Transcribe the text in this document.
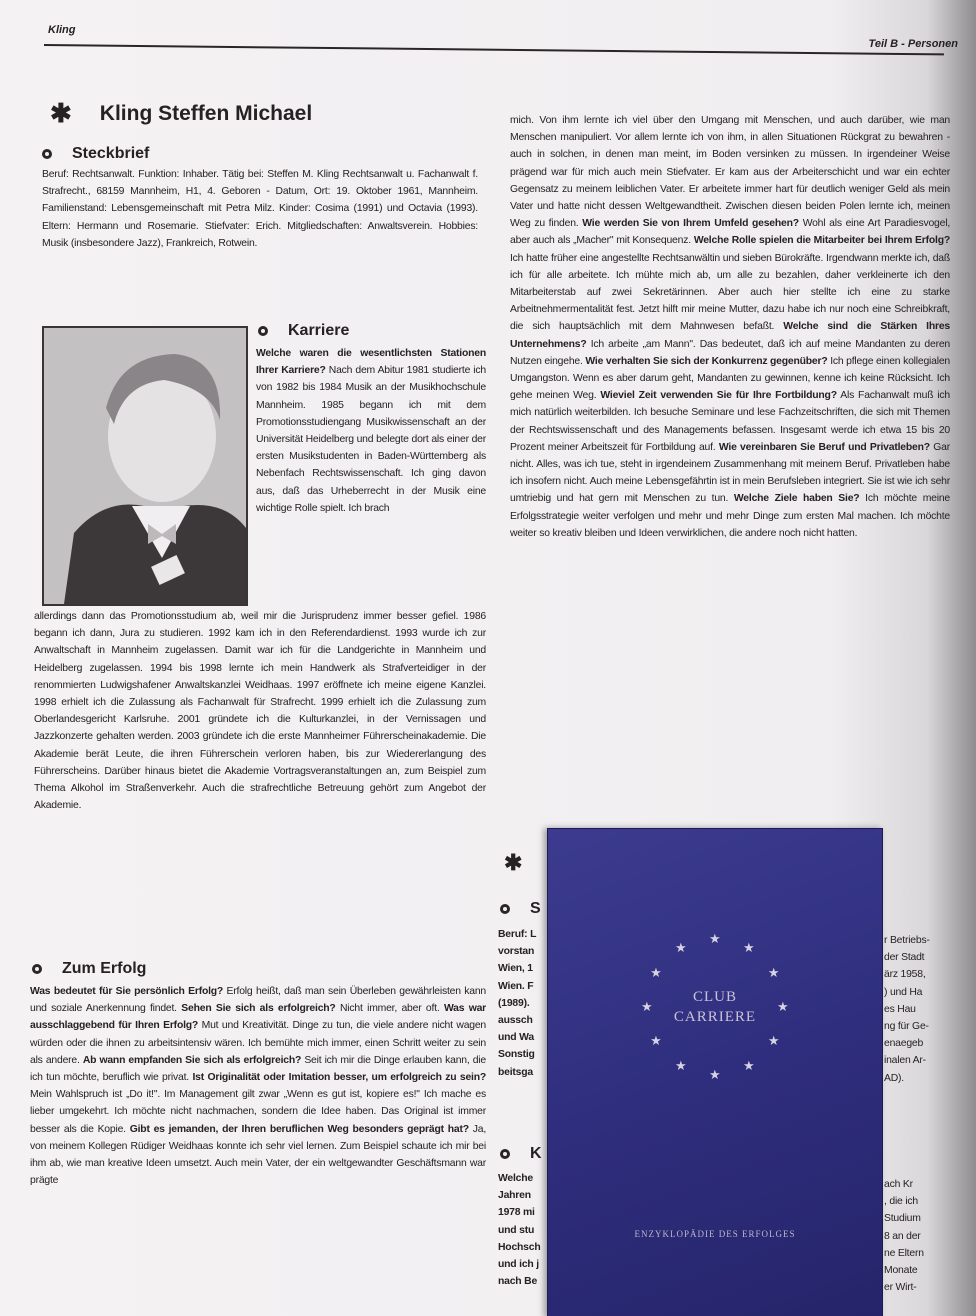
Kling
Teil B - Personen
✱ Kling Steffen Michael
Steckbrief

Beruf: Rechtsanwalt. Funktion: Inhaber. Tätig bei: Steffen M. Kling Rechtsanwalt u. Fachanwalt f. Strafrecht., 68159 Mannheim, H1, 4. Geboren - Datum, Ort: 19. Oktober 1961, Mannheim. Familienstand: Lebensgemeinschaft mit Petra Milz. Kinder: Cosima (1991) und Octavia (1993). Eltern: Hermann und Rosemarie. Stiefvater: Erich. Mitgliedschaften: Anwaltsverein. Hobbies: Musik (insbesondere Jazz), Frankreich, Rotwein.

Karriere

Welche waren die wesentlichsten Stationen Ihrer Karriere? Nach dem Abitur 1981 studierte ich von 1982 bis 1984 Musik an der Musikhochschule Mannheim. 1985 begann ich mit dem Promotionsstudiengang Musikwissenschaft an der Universität Heidelberg und belegte dort als einer der ersten Musikstudenten in Baden-Württemberg als Nebenfach Rechtswissenschaft. Ich ging davon aus, daß das Urheberrecht in der Musik eine wichtige Rolle spielt. Ich brach

allerdings dann das Promotionsstudium ab, weil mir die Jurisprudenz immer besser gefiel. 1986 begann ich dann, Jura zu studieren. 1992 kam ich in den Referendardienst. 1993 wurde ich zur Anwaltschaft in Mannheim zugelassen. Damit war ich für die Landgerichte in Mannheim und Heidelberg zugelassen. 1994 bis 1998 lernte ich mein Handwerk als Strafverteidiger in der renommierten Ludwigshafener Anwaltskanzlei Weidhaas. 1997 eröffnete ich meine eigene Kanzlei. 1998 erhielt ich die Zulassung als Fachanwalt für Strafrecht. 1999 erhielt ich die Zulassung zum Oberlandesgericht Karlsruhe. 2001 gründete ich die Kulturkanzlei, in der Vernissagen und Jazzkonzerte gehalten werden. 2003 gründete ich die erste Mannheimer Führerscheinakademie. Die Akademie berät Leute, die ihren Führerschein verloren haben, bis zur Wiedererlangung des Führerscheins. Darüber hinaus bietet die Akademie Vortragsveranstaltungen an, zum Beispiel zum Thema Alkohol im Straßenverkehr. Auch die strafrechtliche Betreuung gehört zum Angebot der Akademie.

Zum Erfolg

Was bedeutet für Sie persönlich Erfolg? Erfolg heißt, daß man sein Überleben gewährleisten kann und soziale Anerkennung findet. Sehen Sie sich als erfolgreich? Nicht immer, aber oft. Was war ausschlaggebend für Ihren Erfolg? Mut und Kreativität. Dinge zu tun, die viele andere nicht wagen würden oder die ihnen zu arbeitsintensiv wären. Ich bemühte mich immer, einen Schritt weiter zu sein als andere. Ab wann empfanden Sie sich als erfolgreich? Seit ich mir die Dinge erlauben kann, die ich tun möchte, beruflich wie privat. Ist Originalität oder Imitation besser, um erfolgreich zu sein? Mein Wahlspruch ist „Do it!". Im Management gilt zwar „Wenn es gut ist, kopiere es!" Ich mache es lieber umgekehrt. Ich möchte nicht nachmachen, sondern die Idee haben. Das Original ist immer besser als die Kopie. Gibt es jemanden, der Ihren beruflichen Weg besonders geprägt hat? Ja, von meinem Kollegen Rüdiger Weidhaas konnte ich sehr viel lernen. Zum Beispiel schaute ich mir bei ihm ab, wie man kreative Ideen umsetzt. Auch mein Vater, der ein weltgewandter Geschäftsmann war prägte

mich. Von ihm lernte ich viel über den Umgang mit Menschen, und auch darüber, wie man Menschen manipuliert. Vor allem lernte ich von ihm, in allen Situationen Rückgrat zu bewahren - auch in solchen, in denen man meint, im Boden versinken zu müssen. In irgendeiner Weise prägend war für mich auch mein Stiefvater. Er kam aus der Arbeiterschicht und war ein echter Gegensatz zu meinem leiblichen Vater. Er arbeitete immer hart für deutlich weniger Geld als mein Vater und hatte nicht dessen Weltgewandtheit. Zwischen diesen beiden Polen lernte ich, meinen Weg zu finden. Wie werden Sie von Ihrem Umfeld gesehen? Wohl als eine Art Paradiesvogel, aber auch als „Macher" mit Konsequenz. Welche Rolle spielen die Mitarbeiter bei Ihrem Erfolg? Ich hatte früher eine angestellte Rechtsanwältin und sieben Bürokräfte. Irgendwann merkte ich, daß ich für alle arbeitete. Ich mühte mich ab, um alle zu bezahlen, daher verkleinerte ich den Mitarbeiterstab auf zwei Sekretärinnen. Aber auch hier stellte ich eine zu starke Arbeitnehmermentalität fest. Jetzt hilft mir meine Mutter, dazu habe ich nur noch eine Schreibkraft, die sich hauptsächlich mit dem Mahnwesen befaßt. Welche sind die Stärken Ihres Unternehmens? Ich arbeite „am Mann". Das bedeutet, daß ich auf meine Mandanten zu deren Nutzen eingehe. Wie verhalten Sie sich der Konkurrenz gegenüber? Ich pflege einen kollegialen Umgangston. Wenn es aber darum geht, Mandanten zu gewinnen, kenne ich keine Rücksicht. Ich gehe meinen Weg. Wieviel Zeit verwenden Sie für Ihre Fortbildung? Als Fachanwalt muß ich mich natürlich weiterbilden. Ich besuche Seminare und lese Fachzeitschriften, die sich mit Themen der Rechtswissenschaft und des Managements befassen. Insgesamt werde ich etwa 15 bis 20 Prozent meiner Arbeitszeit für Fortbildung auf. Wie vereinbaren Sie Beruf und Privatleben? Gar nicht. Alles, was ich tue, steht in irgendeinem Zusammenhang mit meinem Beruf. Privatleben habe ich insofern nicht. Auch meine Lebensgefährtin ist in mein Berufsleben integriert. Sie ist wie ich sehr umtriebig und hat gern mit Menschen zu tun. Welche Ziele haben Sie? Ich möchte meine Erfolgsstrategie weiter verfolgen und mehr und mehr Dinge zum ersten Mal machen. Ich möchte weiter so kreativ bleiben und Ideen verwirklichen, die andere noch nicht hatten.

✱
S
K
Beruf: L
vorstan
Wien, 1
Wien. F
(1989).
aussch
und Wa
Sonstig
beitsga
Welche
Jahren
1978 mi
und stu
Hochsch
und ich j
nach Be
r Betriebs-
der Stadt
ärz 1958,
) und Ha
es Hau
ng für Ge-
enaegeb
inalen Ar-
AD).
ach Kr
, die ich
Studium
8 an der
ne Eltern
Monate
er Wirt-
CLUB
CARRIERE
ENZYKLOPÄDIE DES ERFOLGES
★
★
★
★
★
★
★
★
★
★
★
★
